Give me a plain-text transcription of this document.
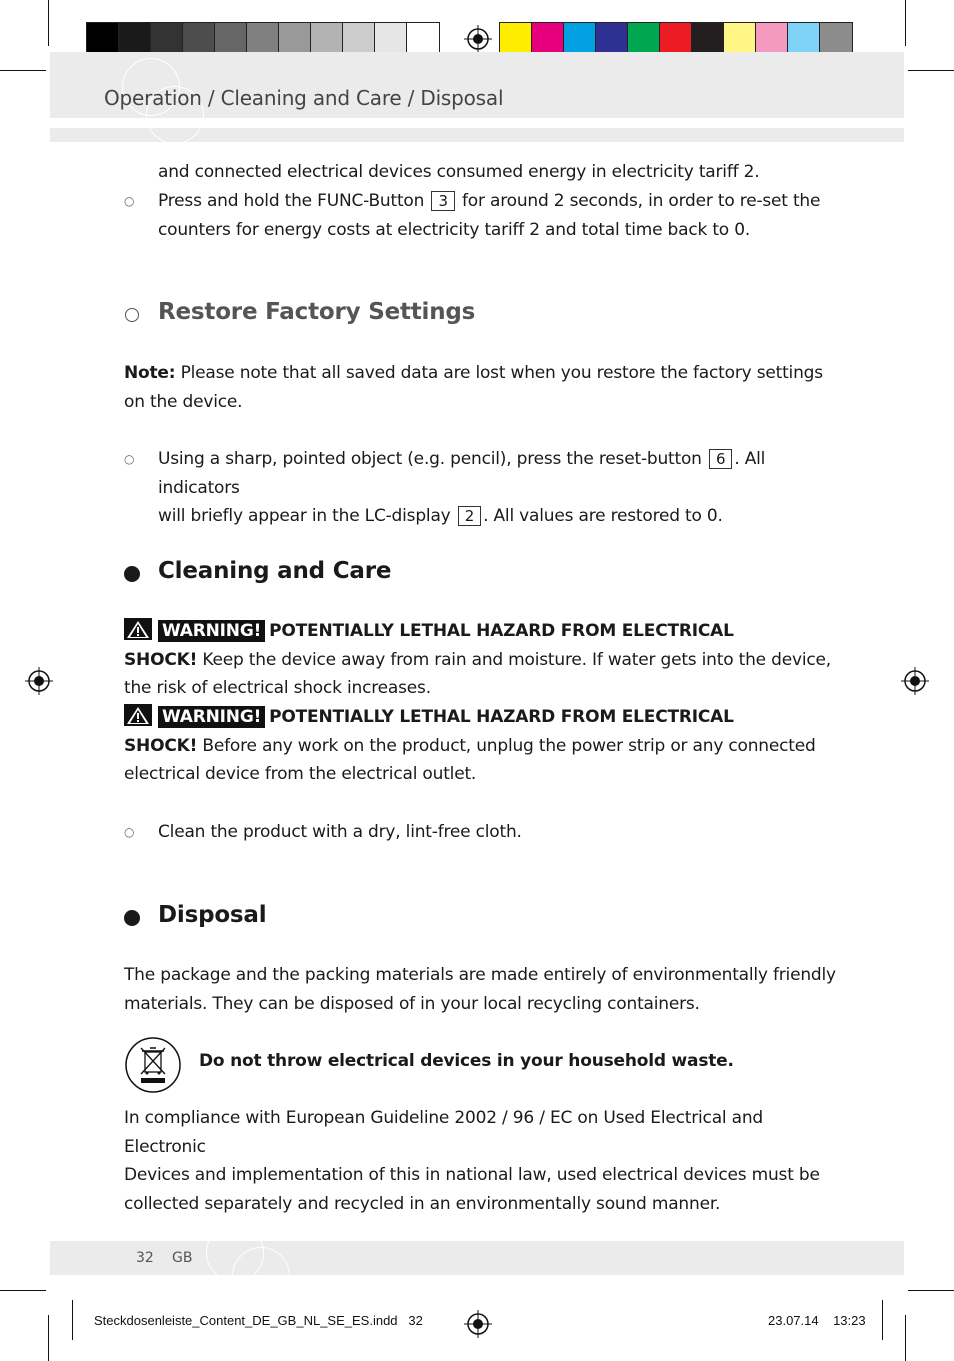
Operation / Cleaning and Care / Disposal
and connected electrical devices consumed energy in electricity tariff 2.
○ Press and hold the FUNC-Button 3 for around 2 seconds, in order to re-set the
counters for energy costs at electricity tariff 2 and total time back to 0.
Restore Factory Settings
Note: Please note that all saved data are lost when you restore the factory settings
on the device.
○ Using a sharp, pointed object (e.g. pencil), press the reset-button 6 . All indicators
will briefly appear in the LC-display 2 . All values are restored to 0.
Cleaning and Care
WARNING! POTENTIALLY LETHAL HAZARD FROM ELECTRICAL
SHOCK! Keep the device away from rain and moisture. If water gets into the device,
the risk of electrical shock increases.
WARNING! POTENTIALLY LETHAL HAZARD FROM ELECTRICAL
SHOCK! Before any work on the product, unplug the power strip or any connected
electrical device from the electrical outlet.
○ Clean the product with a dry, lint-free cloth.
Disposal
The package and the packing materials are made entirely of environmentally friendly
materials. They can be disposed of in your local recycling containers.
Do not throw electrical devices in your household waste.
In compliance with European Guideline 2002 / 96 / EC on Used Electrical and Electronic
Devices and implementation of this in national law, used electrical devices must be
collected separately and recycled in an environmentally sound manner.
32 GB
Steckdosenleiste_Content_DE_GB_NL_SE_ES.indd 32	23.07.14 13:23
